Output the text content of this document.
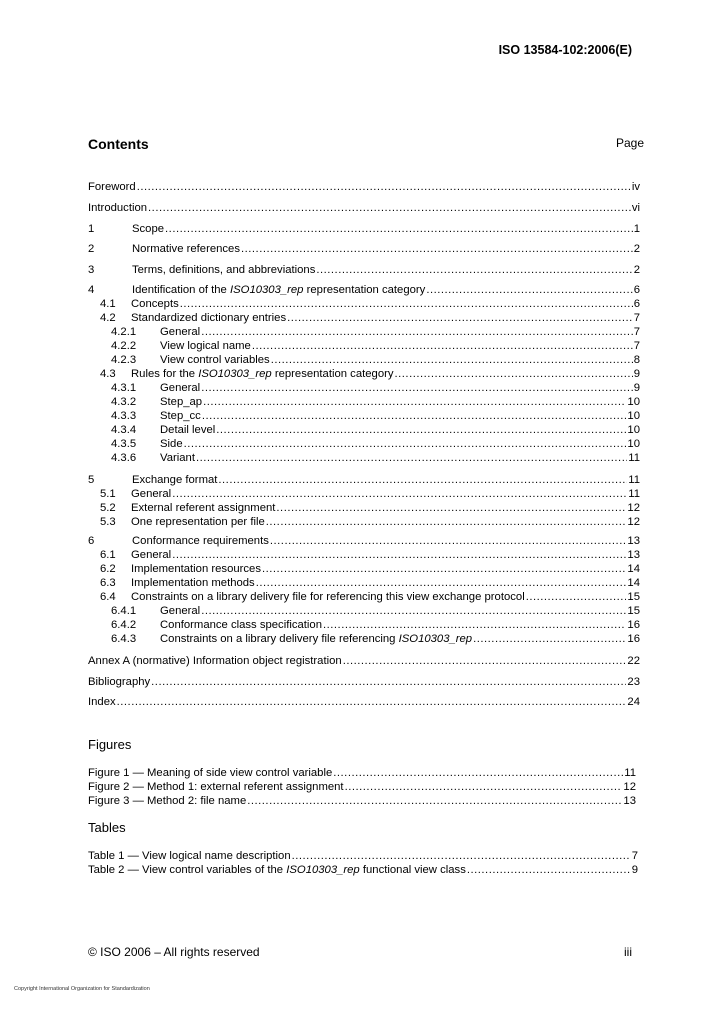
ISO 13584-102:2006(E)
Contents	Page
Foreword .....	iv
Introduction .....	vi
1	Scope .....	1
2	Normative references .....	2
3	Terms, definitions, and abbreviations .....	2
4	Identification of the ISO10303_rep representation category .....	6
4.1 Concepts .....	6
4.2 Standardized dictionary entries .....	7
4.2.1 General .....	7
4.2.2 View logical name .....	7
4.2.3 View control variables .....	8
4.3 Rules for the ISO10303_rep representation category .....	9
4.3.1 General .....	9
4.3.2 Step_ap .....	10
4.3.3 Step_cc .....	10
4.3.4 Detail level .....	10
4.3.5 Side .....	10
4.3.6 Variant .....	11
5	Exchange format .....	11
5.1 General .....	11
5.2 External referent assignment .....	12
5.3 One representation per file .....	12
6	Conformance requirements .....	13
6.1 General .....	13
6.2 Implementation resources .....	14
6.3 Implementation methods .....	14
6.4 Constraints on a library delivery file for referencing this view exchange protocol .....	15
6.4.1 General .....	15
6.4.2 Conformance class specification .....	16
6.4.3 Constraints on a library delivery file referencing ISO10303_rep .....	16
Annex A (normative) Information object registration .....	22
Bibliography .....	23
Index .....	24
Figures
Figure 1 — Meaning of side view control variable .....	11
Figure 2 — Method 1: external referent assignment .....	12
Figure 3 — Method 2: file name .....	13
Tables
Table 1 — View logical name description .....	7
Table 2 — View control variables of the ISO10303_rep functional view class .....	9
© ISO 2006 – All rights reserved	iii
Copyright International Organization for Standardization
